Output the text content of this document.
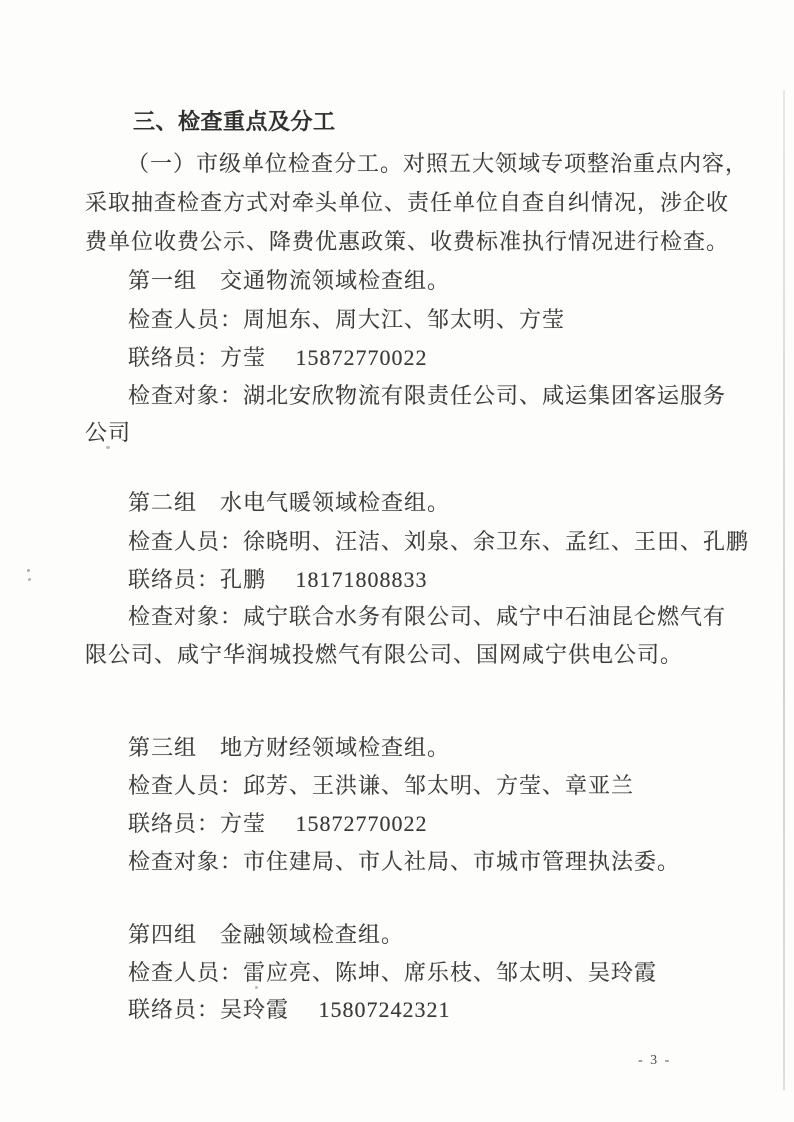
三、检查重点及分工
（一）市级单位检查分工。对照五大领域专项整治重点内容，
采取抽查检查方式对牵头单位、责任单位自查自纠情况，涉企收
费单位收费公示、降费优惠政策、收费标准执行情况进行检查。
第一组　交通物流领域检查组。
检查人员：周旭东、周大江、邹太明、方莹
联络员：方莹　 15872770022
检查对象：湖北安欣物流有限责任公司、咸运集团客运服务
公司
第二组　水电气暖领域检查组。
检查人员：徐晓明、汪洁、刘泉、余卫东、孟红、王田、孔鹏
联络员：孔鹏　 18171808833
检查对象：咸宁联合水务有限公司、咸宁中石油昆仑燃气有
限公司、咸宁华润城投燃气有限公司、国网咸宁供电公司。
第三组　地方财经领域检查组。
检查人员：邱芳、王洪谦、邹太明、方莹、章亚兰
联络员：方莹　 15872770022
检查对象：市住建局、市人社局、市城市管理执法委。
第四组　金融领域检查组。
检查人员：雷应亮、陈坤、席乐枝、邹太明、吴玲霞
联络员：吴玲霞　 15807242321
- 3 -
